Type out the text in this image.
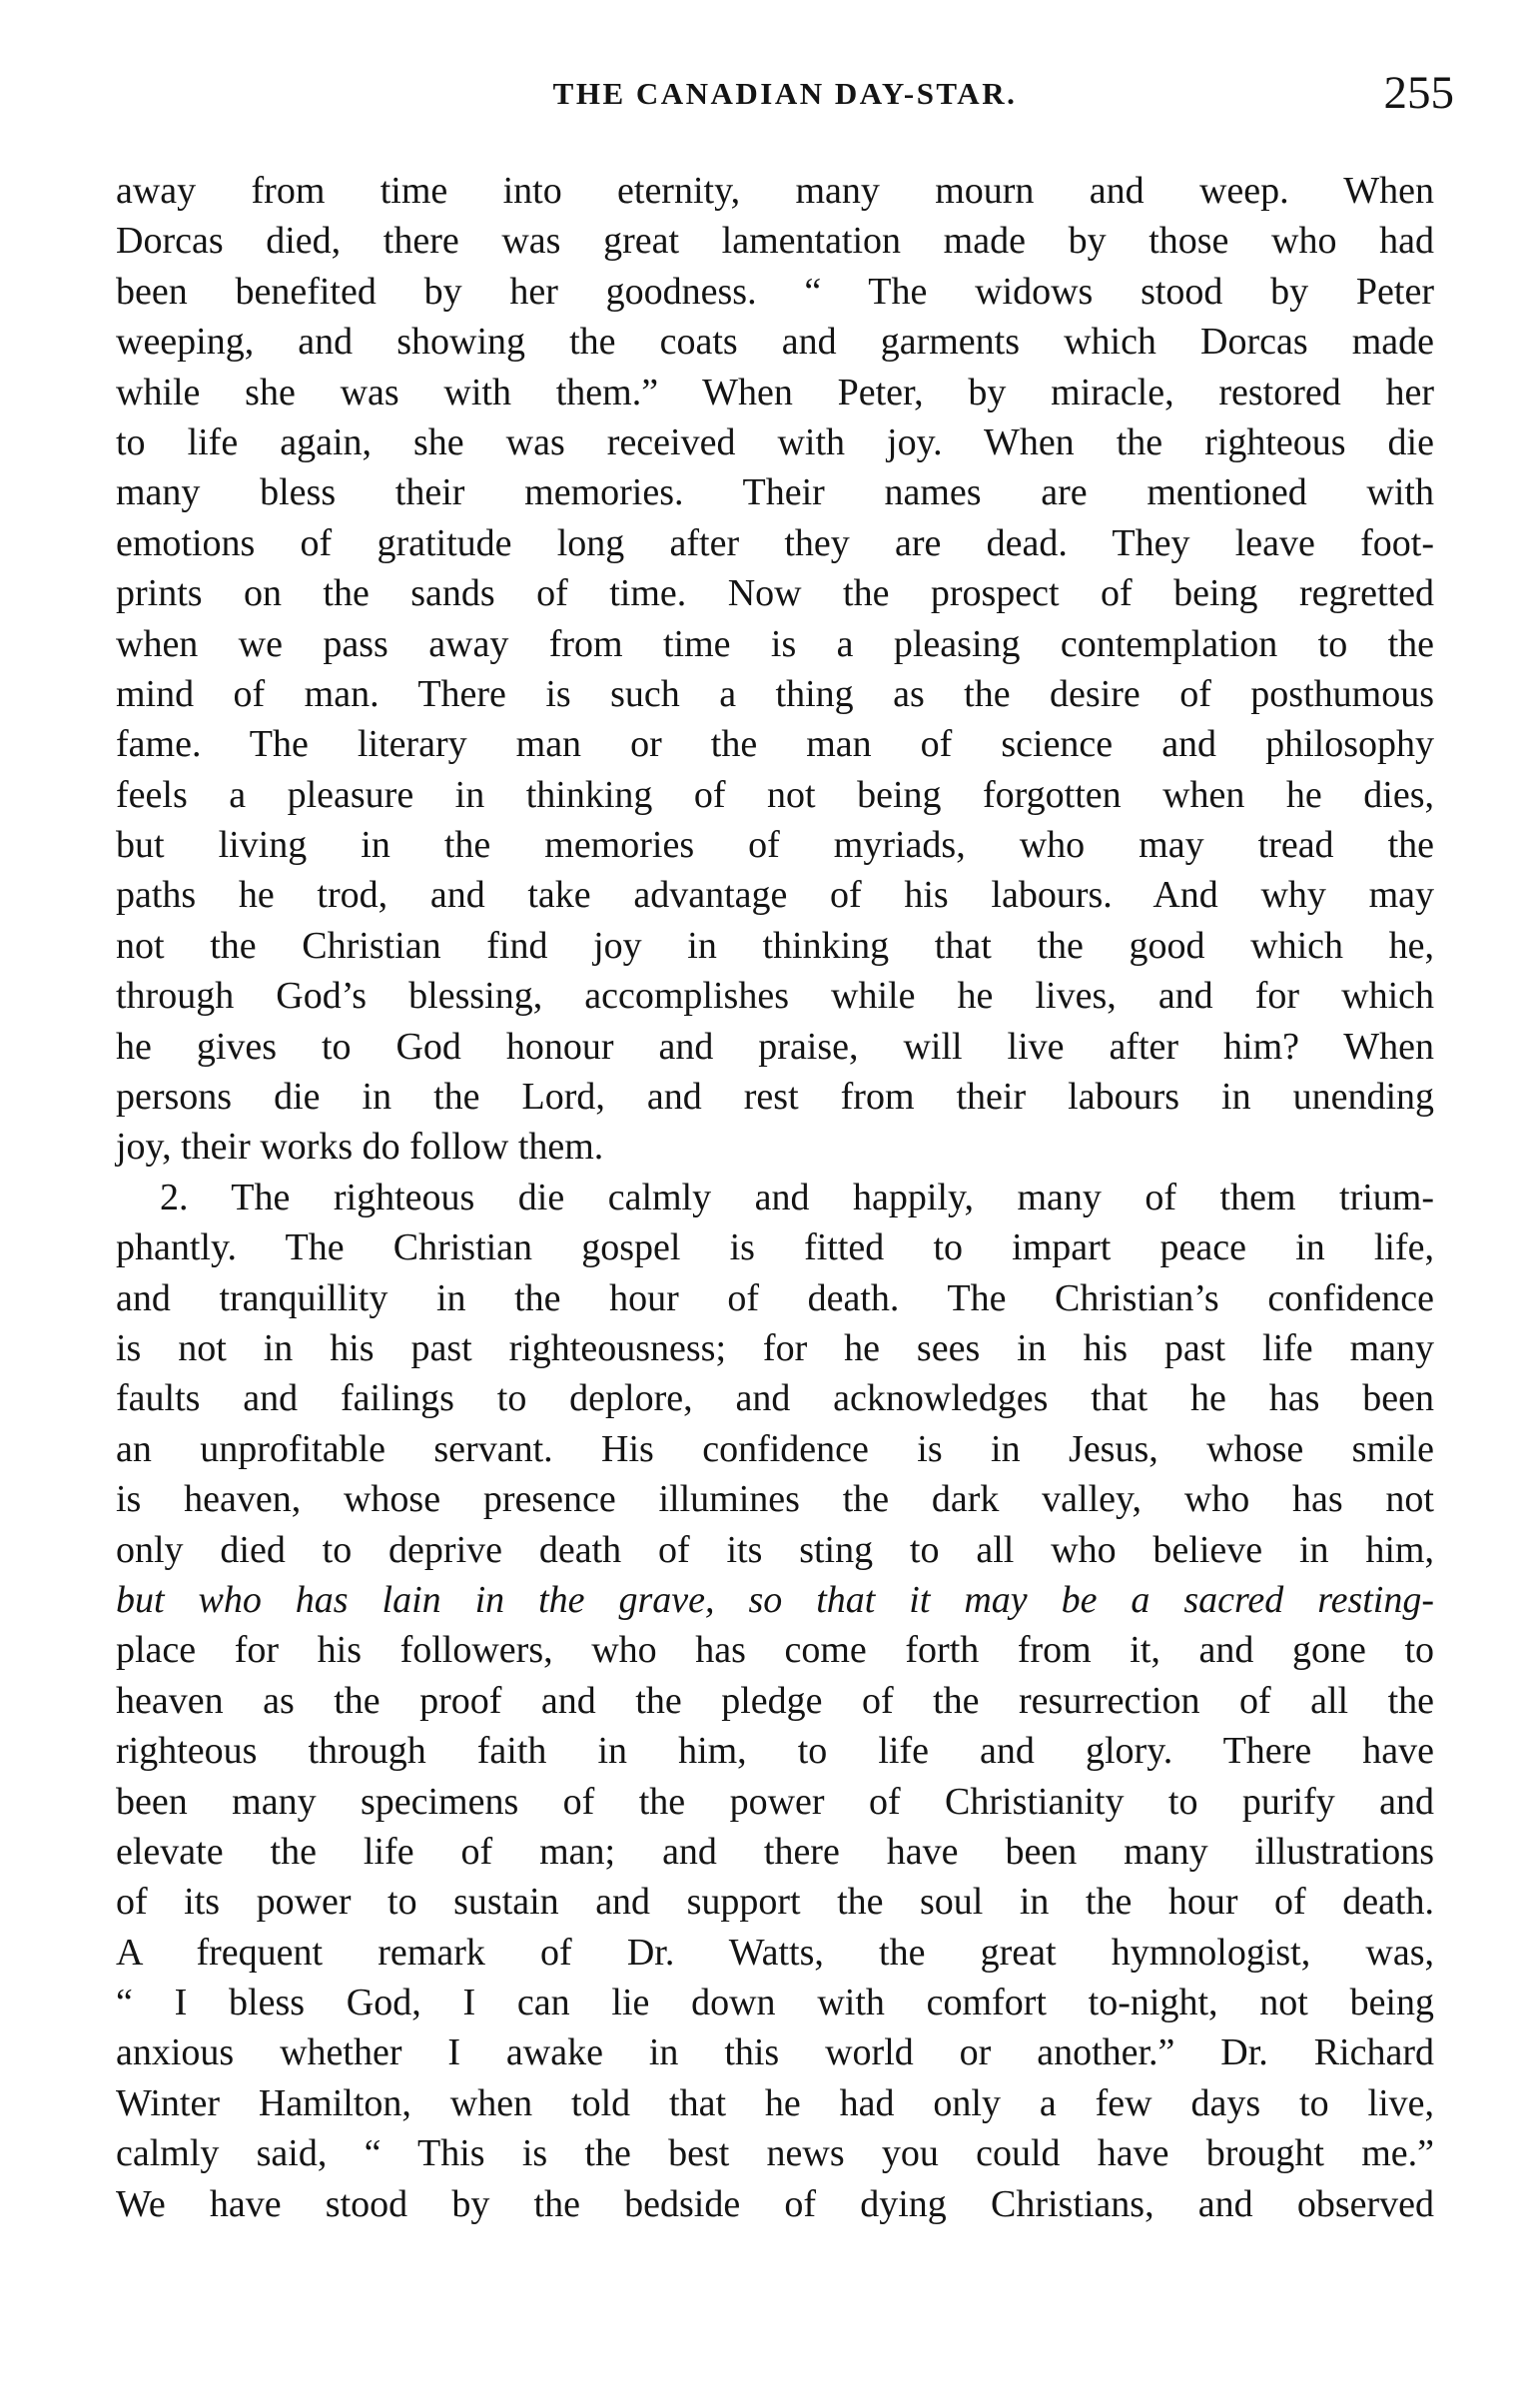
THE CANADIAN DAY-STAR.	255
away from time into eternity, many mourn and weep. When
Dorcas died, there was great lamentation made by those who had
been benefited by her goodness. “ The widows stood by Peter
weeping, and showing the coats and garments which Dorcas made
while she was with them.” When Peter, by miracle, restored her
to life again, she was received with joy. When the righteous die
many bless their memories. Their names are mentioned with
emotions of gratitude long after they are dead. They leave foot-
prints on the sands of time. Now the prospect of being regretted
when we pass away from time is a pleasing contemplation to the
mind of man. There is such a thing as the desire of posthumous
fame. The literary man or the man of science and philosophy
feels a pleasure in thinking of not being forgotten when he dies,
but living in the memories of myriads, who may tread the
paths he trod, and take advantage of his labours. And why may
not the Christian find joy in thinking that the good which he,
through God’s blessing, accomplishes while he lives, and for which
he gives to God honour and praise, will live after him? When
persons die in the Lord, and rest from their labours in unending
joy, their works do follow them.
2. The righteous die calmly and happily, many of them trium-
phantly. The Christian gospel is fitted to impart peace in life,
and tranquillity in the hour of death. The Christian’s confidence
is not in his past righteousness; for he sees in his past life many
faults and failings to deplore, and acknowledges that he has been
an unprofitable servant. His confidence is in Jesus, whose smile
is heaven, whose presence illumines the dark valley, who has not
only died to deprive death of its sting to all who believe in him,
but who has lain in the grave, so that it may be a sacred resting-
place for his followers, who has come forth from it, and gone to
heaven as the proof and the pledge of the resurrection of all the
righteous through faith in him, to life and glory. There have
been many specimens of the power of Christianity to purify and
elevate the life of man; and there have been many illustrations
of its power to sustain and support the soul in the hour of death.
A frequent remark of Dr. Watts, the great hymnologist, was,
“ I bless God, I can lie down with comfort to-night, not being
anxious whether I awake in this world or another.” Dr. Richard
Winter Hamilton, when told that he had only a few days to live,
calmly said, “ This is the best news you could have brought me.”
We have stood by the bedside of dying Christians, and observed
